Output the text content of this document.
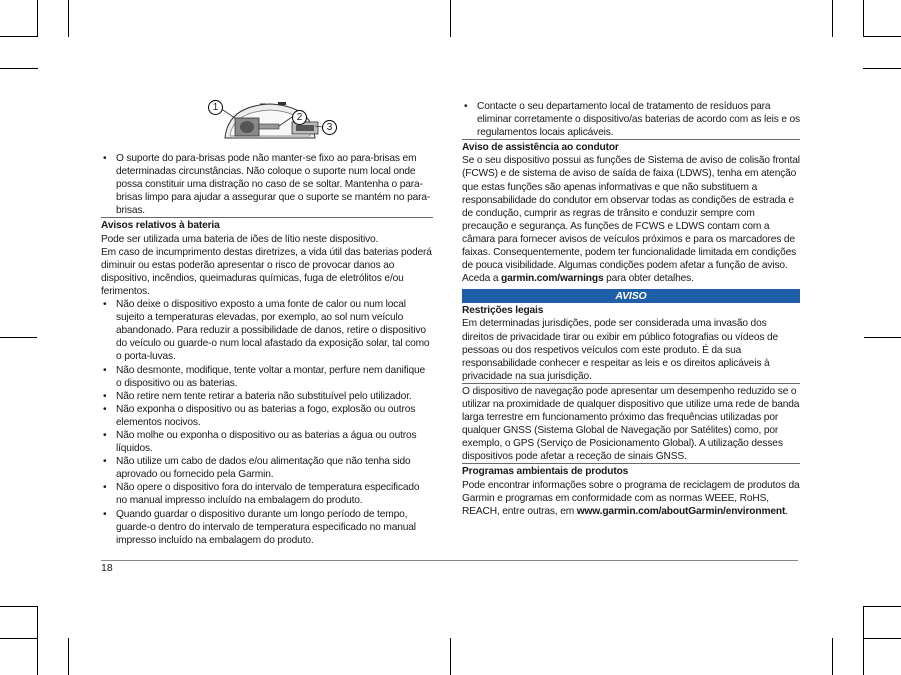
1
2
3
• O suporte do para-brisas pode não manter-se fixo ao para-brisas em determinadas circunstâncias. Não coloque o suporte num local onde possa constituir uma distração no caso de se soltar. Mantenha o para-brisas limpo para ajudar a assegurar que o suporte se mantém no para-brisas.

Avisos relativos à bateria

Pode ser utilizada uma bateria de iões de lítio neste dispositivo.

Em caso de incumprimento destas diretrizes, a vida útil das baterias poderá diminuir ou estas poderão apresentar o risco de provocar danos ao dispositivo, incêndios, queimaduras químicas, fuga de eletrólitos e/ou ferimentos.

• Não deixe o dispositivo exposto a uma fonte de calor ou num local sujeito a temperaturas elevadas, por exemplo, ao sol num veículo abandonado. Para reduzir a possibilidade de danos, retire o dispositivo do veículo ou guarde-o num local afastado da exposição solar, tal como o porta-luvas.
• Não desmonte, modifique, tente voltar a montar, perfure nem danifique o dispositivo ou as baterias.
• Não retire nem tente retirar a bateria não substituível pelo utilizador.
• Não exponha o dispositivo ou as baterias a fogo, explosão ou outros elementos nocivos.
• Não molhe ou exponha o dispositivo ou as baterias a água ou outros líquidos.
• Não utilize um cabo de dados e/ou alimentação que não tenha sido aprovado ou fornecido pela Garmin.
• Não opere o dispositivo fora do intervalo de temperatura especificado no manual impresso incluído na embalagem do produto.
• Quando guardar o dispositivo durante um longo período de tempo, guarde-o dentro do intervalo de temperatura especificado no manual impresso incluído na embalagem do produto.
• Contacte o seu departamento local de tratamento de resíduos para eliminar corretamente o dispositivo/as baterias de acordo com as leis e os regulamentos locais aplicáveis.

Aviso de assistência ao condutor

Se o seu dispositivo possui as funções de Sistema de aviso de colisão frontal (FCWS) e de sistema de aviso de saída de faixa (LDWS), tenha em atenção que estas funções são apenas informativas e que não substituem a responsabilidade do condutor em observar todas as condições de estrada e de condução, cumprir as regras de trânsito e conduzir sempre com precaução e segurança. As funções de FCWS e LDWS contam com a câmara para fornecer avisos de veículos próximos e para os marcadores de faixas. Consequentemente, podem ter funcionalidade limitada em condições de pouca visibilidade. Algumas condições podem afetar a função de aviso. Aceda a garmin.com/warnings para obter detalhes.

AVISO

Restrições legais

Em determinadas jurisdições, pode ser considerada uma invasão dos direitos de privacidade tirar ou exibir em público fotografias ou vídeos de pessoas ou dos respetivos veículos com este produto. É da sua responsabilidade conhecer e respeitar as leis e os direitos aplicáveis à privacidade na sua jurisdição.

O dispositivo de navegação pode apresentar um desempenho reduzido se o utilizar na proximidade de qualquer dispositivo que utilize uma rede de banda larga terrestre em funcionamento próximo das frequências utilizadas por qualquer GNSS (Sistema Global de Navegação por Satélites) como, por exemplo, o GPS (Serviço de Posicionamento Global). A utilização desses dispositivos pode afetar a receção de sinais GNSS.

Programas ambientais de produtos

Pode encontrar informações sobre o programa de reciclagem de produtos da Garmin e programas em conformidade com as normas WEEE, RoHS, REACH, entre outras, em www.garmin.com/aboutGarmin/environment.

18
